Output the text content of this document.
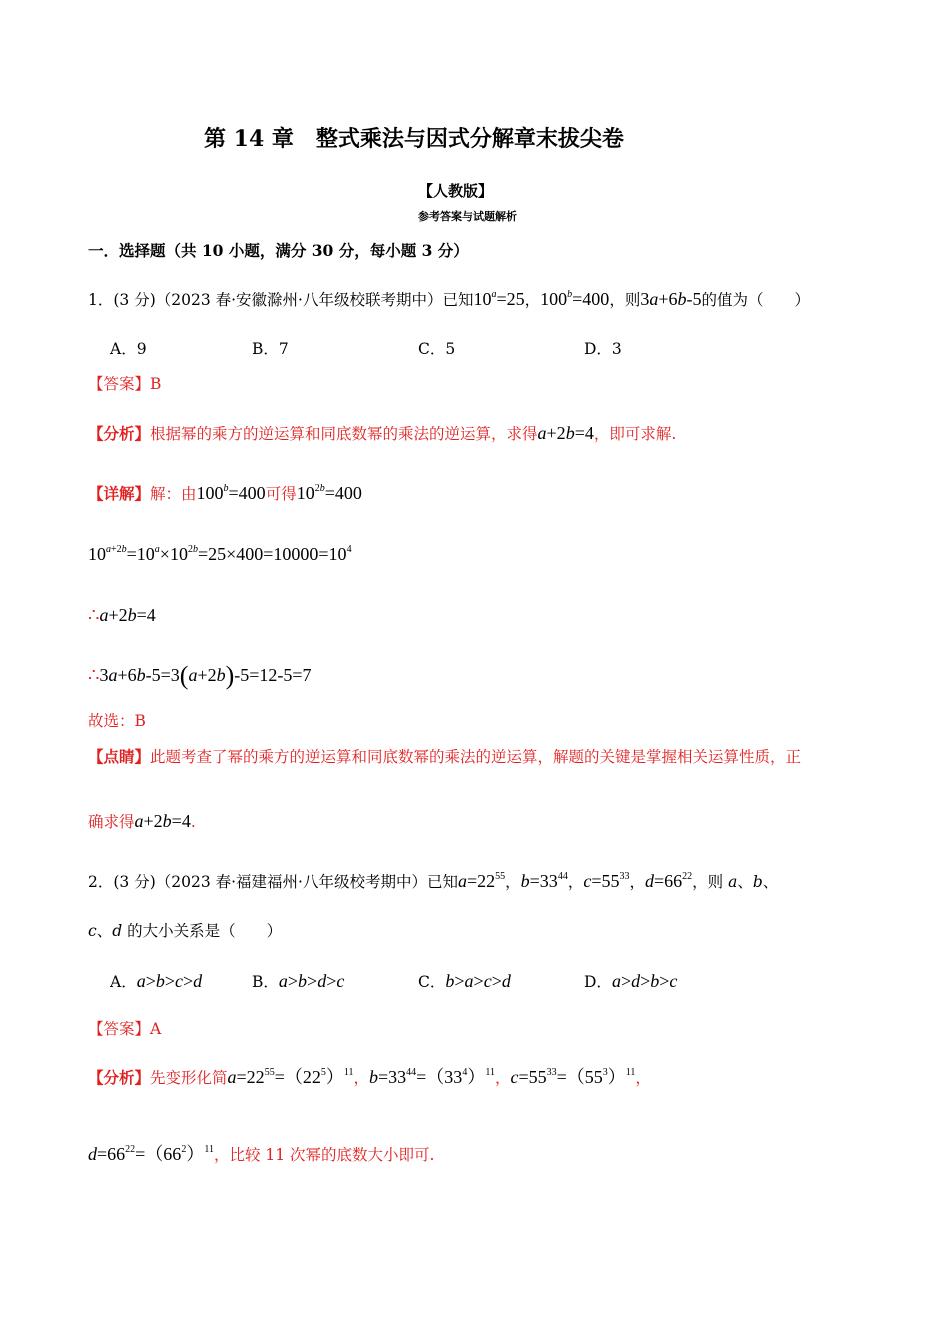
第 14 章　整式乘法与因式分解章末拔尖卷
【人教版】
参考答案与试题解析
一．选择题（共 10 小题，满分 30 分，每小题 3 分）
1．(3 分)（2023 春·安徽滁州·八年级校联考期中）已知$10^a=25$，$100^b=400$，则3a+6b-5的值为（　　）
A．9	B．7	C．5	D．3
【答案】B
【分析】根据幂的乘方的逆运算和同底数幂的乘法的逆运算，求得a+2b=4，即可求解.
【详解】解：由$100^b=400$可得$10^{2b}=400$
$10^{a+2b}=10^a\times 10^{2b}=25\times 400=10000=10^4$
∴a+2b=4
∴3a+6b-5=3(a+2b)-5=12-5=7
故选：B
【点睛】此题考查了幂的乘方的逆运算和同底数幂的乘法的逆运算，解题的关键是掌握相关运算性质，正
确求得a+2b=4.
2．(3 分)（2023 春·福建福州·八年级校考期中）已知$a=22^{55}$，$b=33^{44}$，$c=55^{33}$，$d=66^{22}$，则 a、b、
c、d 的大小关系是（　　）
A．a>b>c>d	B．a>b>d>c	C．b>a>c>d	D．a>d>b>c
【答案】A
【分析】先变形化简$a=22^{55}=(22^5)^{11}$，$b=33^{44}=(33^4)^{11}$，$c=55^{33}=(55^3)^{11}$，
$d=66^{22}=(66^2)^{11}$，比较 11 次幂的底数大小即可.
